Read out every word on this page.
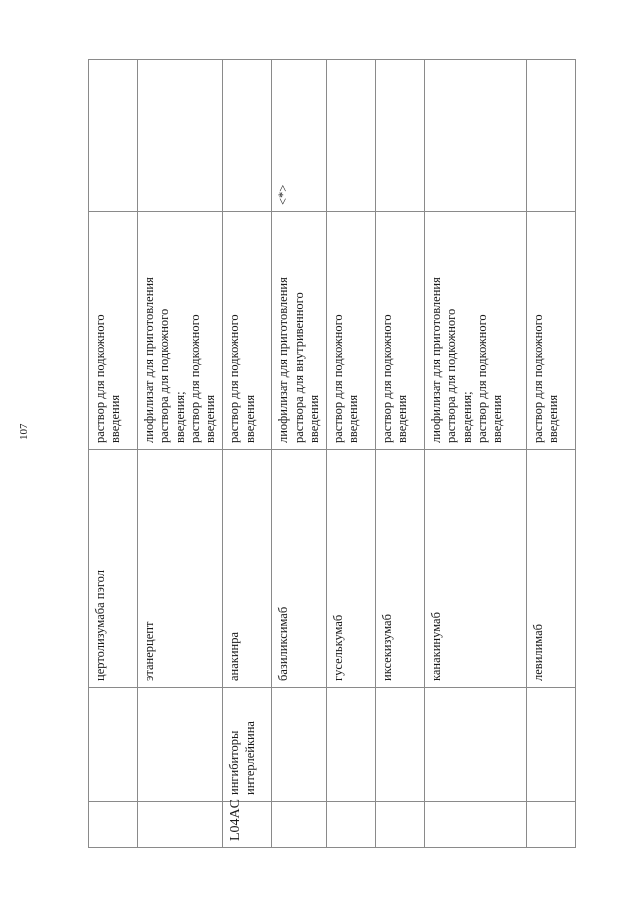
107
		цертолизумаба пэгол	раствор для подкожного введения	

		этанерцепт	лиофилизат для приготовления раствора для подкожного введения; раствор для подкожного введения	

L04AC	ингибиторы интерлейкина	анакинра	раствор для подкожного введения	

		базиликсимаб	лиофилизат для приготовления раствора для внутривенного введения	<*>
		гуселькумаб	раствор для подкожного введения	

		иксекизумаб	раствор для подкожного введения	

		канакинумаб	лиофилизат для приготовления раствора для подкожного введения; раствор для подкожного введения	

		левилимаб	раствор для подкожного введения	
